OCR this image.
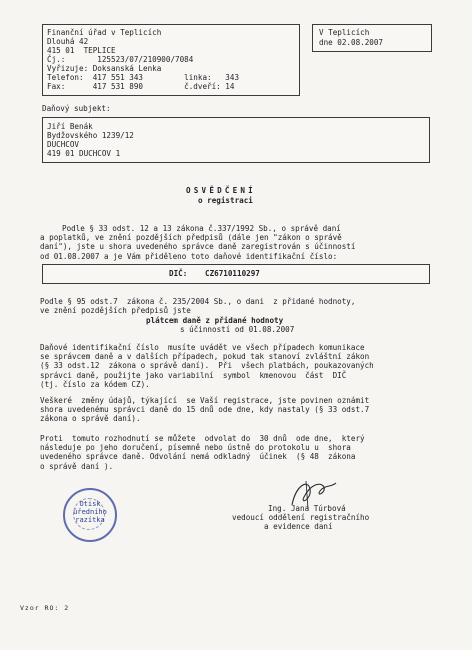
Finanční úřad v Teplicích
Dlouhá 42
415 01  TEPLICE
Čj.:       125523/07/210900/7084
Vyřizuje: Doksanská Lenka
Telefon:  417 551 343         linka:   343
Fax:      417 531 890         č.dveří: 14
V Teplicích
dne 02.08.2007
Daňový subjekt:
Jiří Benák
Bydžovského 1239/12
DUCHCOV
419 01 DUCHCOV 1
OSVĚDČENÍ
o registraci
Podle § 33 odst. 12 a 13 zákona č.337/1992 Sb., o správě daní
a poplatků, ve znění pozdějších předpisů (dále jen "zákon o správě
daní"), jste u shora uvedeného správce daně zaregistrován s účinností
od 01.08.2007 a je Vám přiděleno toto daňové identifikační číslo:
DIČ: CZ6710110297
Podle § 95 odst.7  zákona č. 235/2004 Sb., o dani  z přidané hodnoty,
ve znění pozdějších předpisů jste
plátcem daně z přidané hodnoty
s účinností od 01.08.2007
Daňové identifikační číslo  musíte uvádět ve všech případech komunikace
se správcem daně a v dalších případech, pokud tak stanoví zvláštní zákon
(§ 33 odst.12  zákona o správě daní).  Při  všech platbách, poukazovaných
správci daně, použijte jako variabilní  symbol  kmenovou  část  DIČ
(tj. číslo za kódem CZ).
Veškeré  změny údajů, týkající  se Vaší registrace, jste povinen oznámit
shora uvedenému správci daně do 15 dnů ode dne, kdy nastaly (§ 33 odst.7
zákona o správě daní).
Proti  tomuto rozhodnutí se můžete  odvolat do  30 dnů  ode dne,  který
následuje po jeho doručení, písemně nebo ústně do protokolu u  shora
uvedeného správce daně. Odvolání nemá odkladný  účinek  (§ 48  zákona
o správě daní ).
Otisk
úředního
razítka
Ing. Jana Túrbová
vedoucí oddělení registračního
a evidence daní
Vzor RO: 2
